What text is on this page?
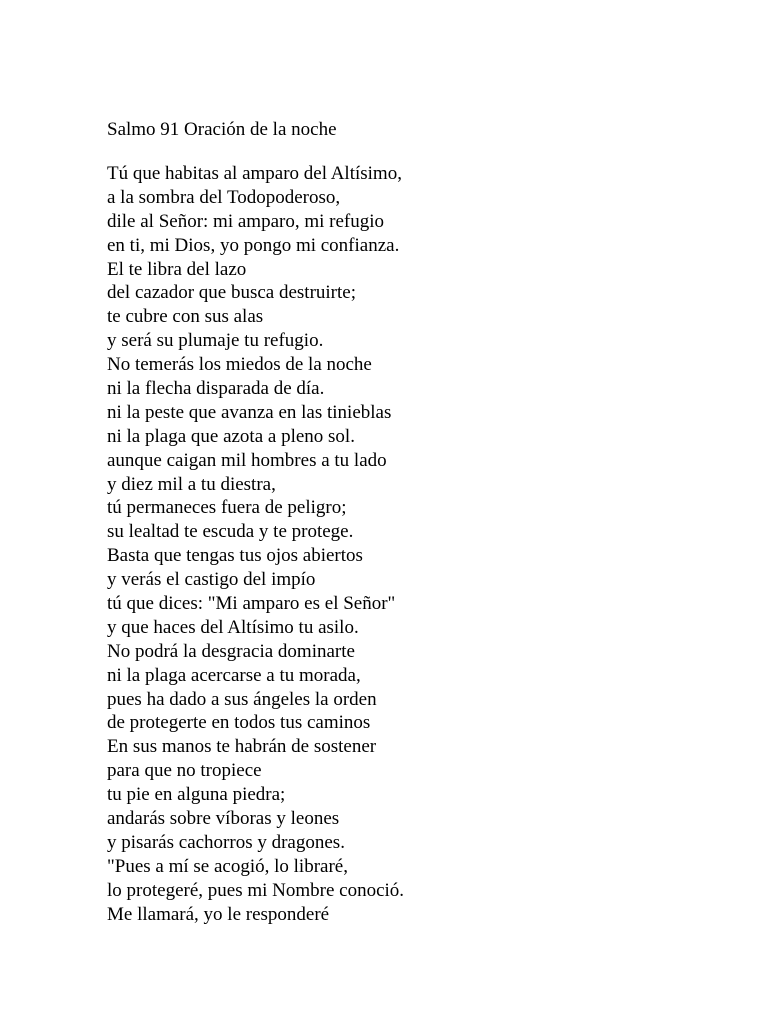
Salmo 91 Oración de la noche
Tú que habitas al amparo del Altísimo,
a la sombra del Todopoderoso,
dile al Señor: mi amparo, mi refugio
en ti, mi Dios, yo pongo mi confianza.
El te libra del lazo
del cazador que busca destruirte;
te cubre con sus alas
y será su plumaje tu refugio.
No temerás los miedos de la noche
ni la flecha disparada de día.
ni la peste que avanza en las tinieblas
ni la plaga que azota a pleno sol.
aunque caigan mil hombres a tu lado
y diez mil a tu diestra,
tú permaneces fuera de peligro;
su lealtad te escuda y te protege.
Basta que tengas tus ojos abiertos
y verás el castigo del impío
tú que dices: "Mi amparo es el Señor"
y que haces del Altísimo tu asilo.
No podrá la desgracia dominarte
ni la plaga acercarse a tu morada,
pues ha dado a sus ángeles la orden
de protegerte en todos tus caminos
En sus manos te habrán de sostener
para que no tropiece
tu pie en alguna piedra;
andarás sobre víboras y leones
y pisarás cachorros y dragones.
"Pues a mí se acogió, lo libraré,
lo protegeré, pues mi Nombre conoció.
Me llamará, yo le responderé
